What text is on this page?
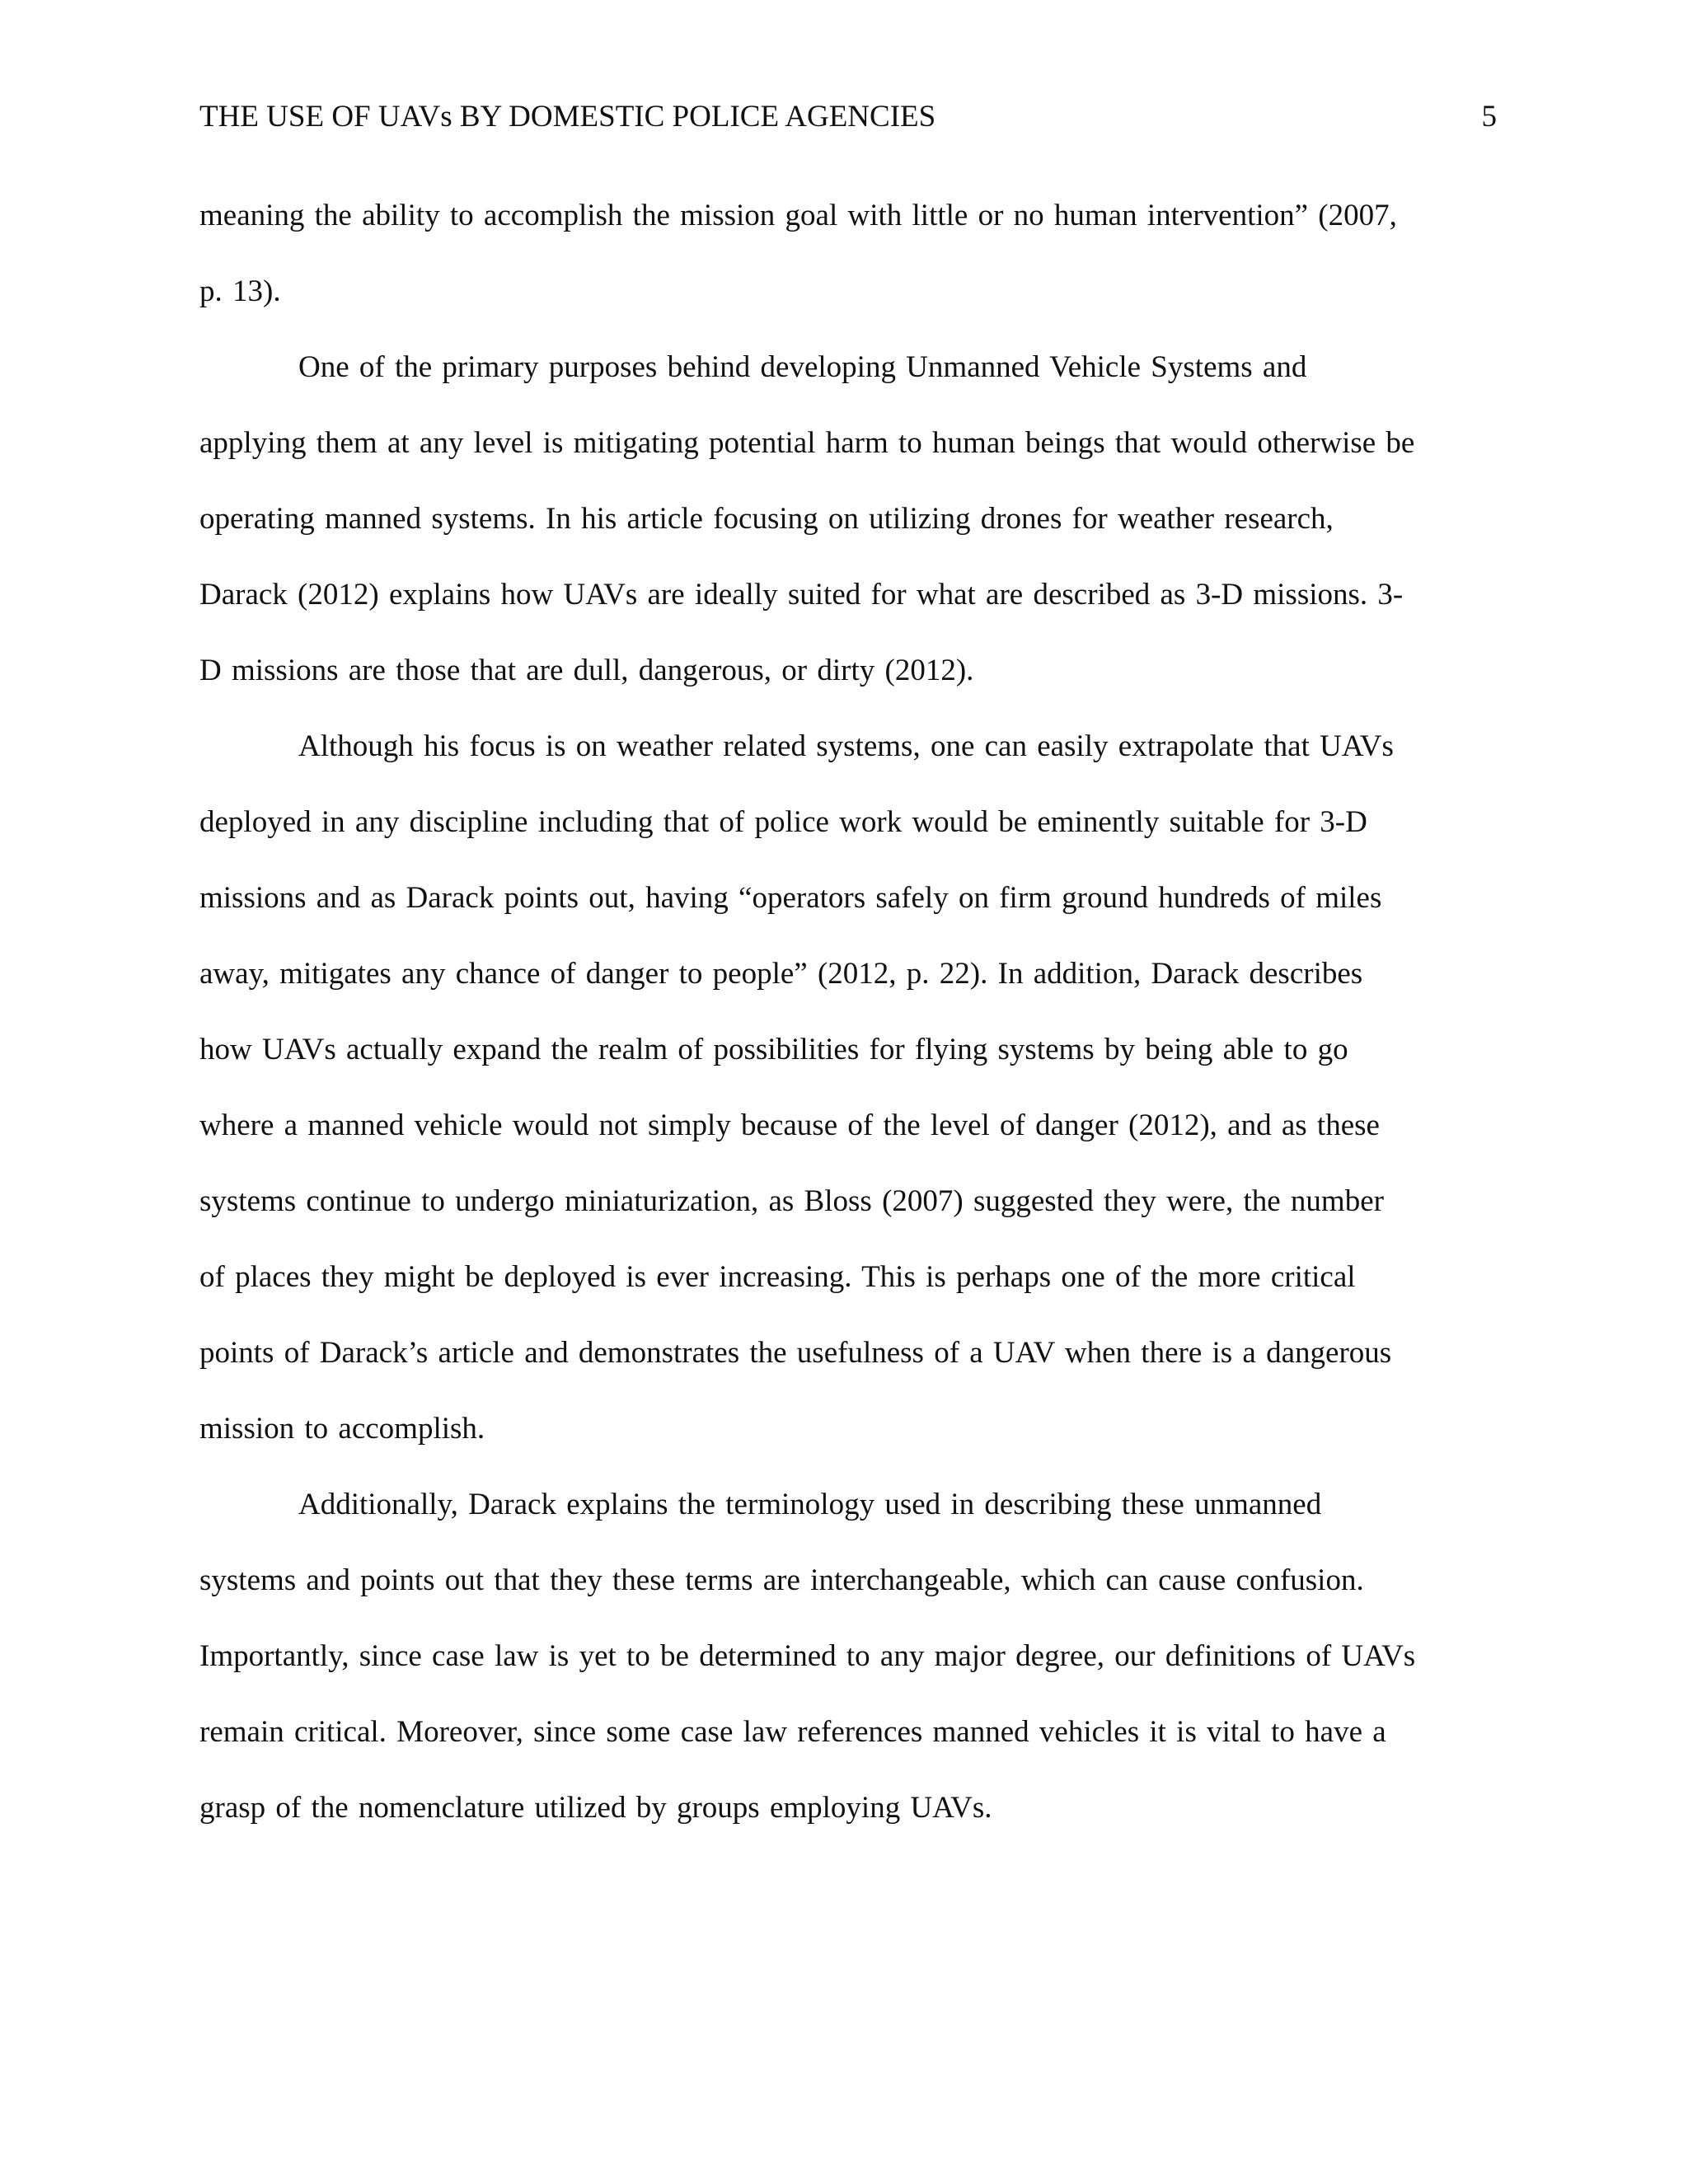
THE USE OF UAVs BY DOMESTIC POLICE AGENCIES	5
meaning the ability to accomplish the mission goal with little or no human intervention” (2007,
p. 13).
One of the primary purposes behind developing Unmanned Vehicle Systems and
applying them at any level is mitigating potential harm to human beings that would otherwise be
operating manned systems. In his article focusing on utilizing drones for weather research,
Darack (2012) explains how UAVs are ideally suited for what are described as 3-D missions. 3-
D missions are those that are dull, dangerous, or dirty (2012).
Although his focus is on weather related systems, one can easily extrapolate that UAVs
deployed in any discipline including that of police work would be eminently suitable for 3-D
missions and as Darack points out, having “operators safely on firm ground hundreds of miles
away, mitigates any chance of danger to people” (2012, p. 22). In addition, Darack describes
how UAVs actually expand the realm of possibilities for flying systems by being able to go
where a manned vehicle would not simply because of the level of danger (2012), and as these
systems continue to undergo miniaturization, as Bloss (2007) suggested they were, the number
of places they might be deployed is ever increasing. This is perhaps one of the more critical
points of Darack’s article and demonstrates the usefulness of a UAV when there is a dangerous
mission to accomplish.
Additionally, Darack explains the terminology used in describing these unmanned
systems and points out that they these terms are interchangeable, which can cause confusion.
Importantly, since case law is yet to be determined to any major degree, our definitions of UAVs
remain critical. Moreover, since some case law references manned vehicles it is vital to have a
grasp of the nomenclature utilized by groups employing UAVs.
